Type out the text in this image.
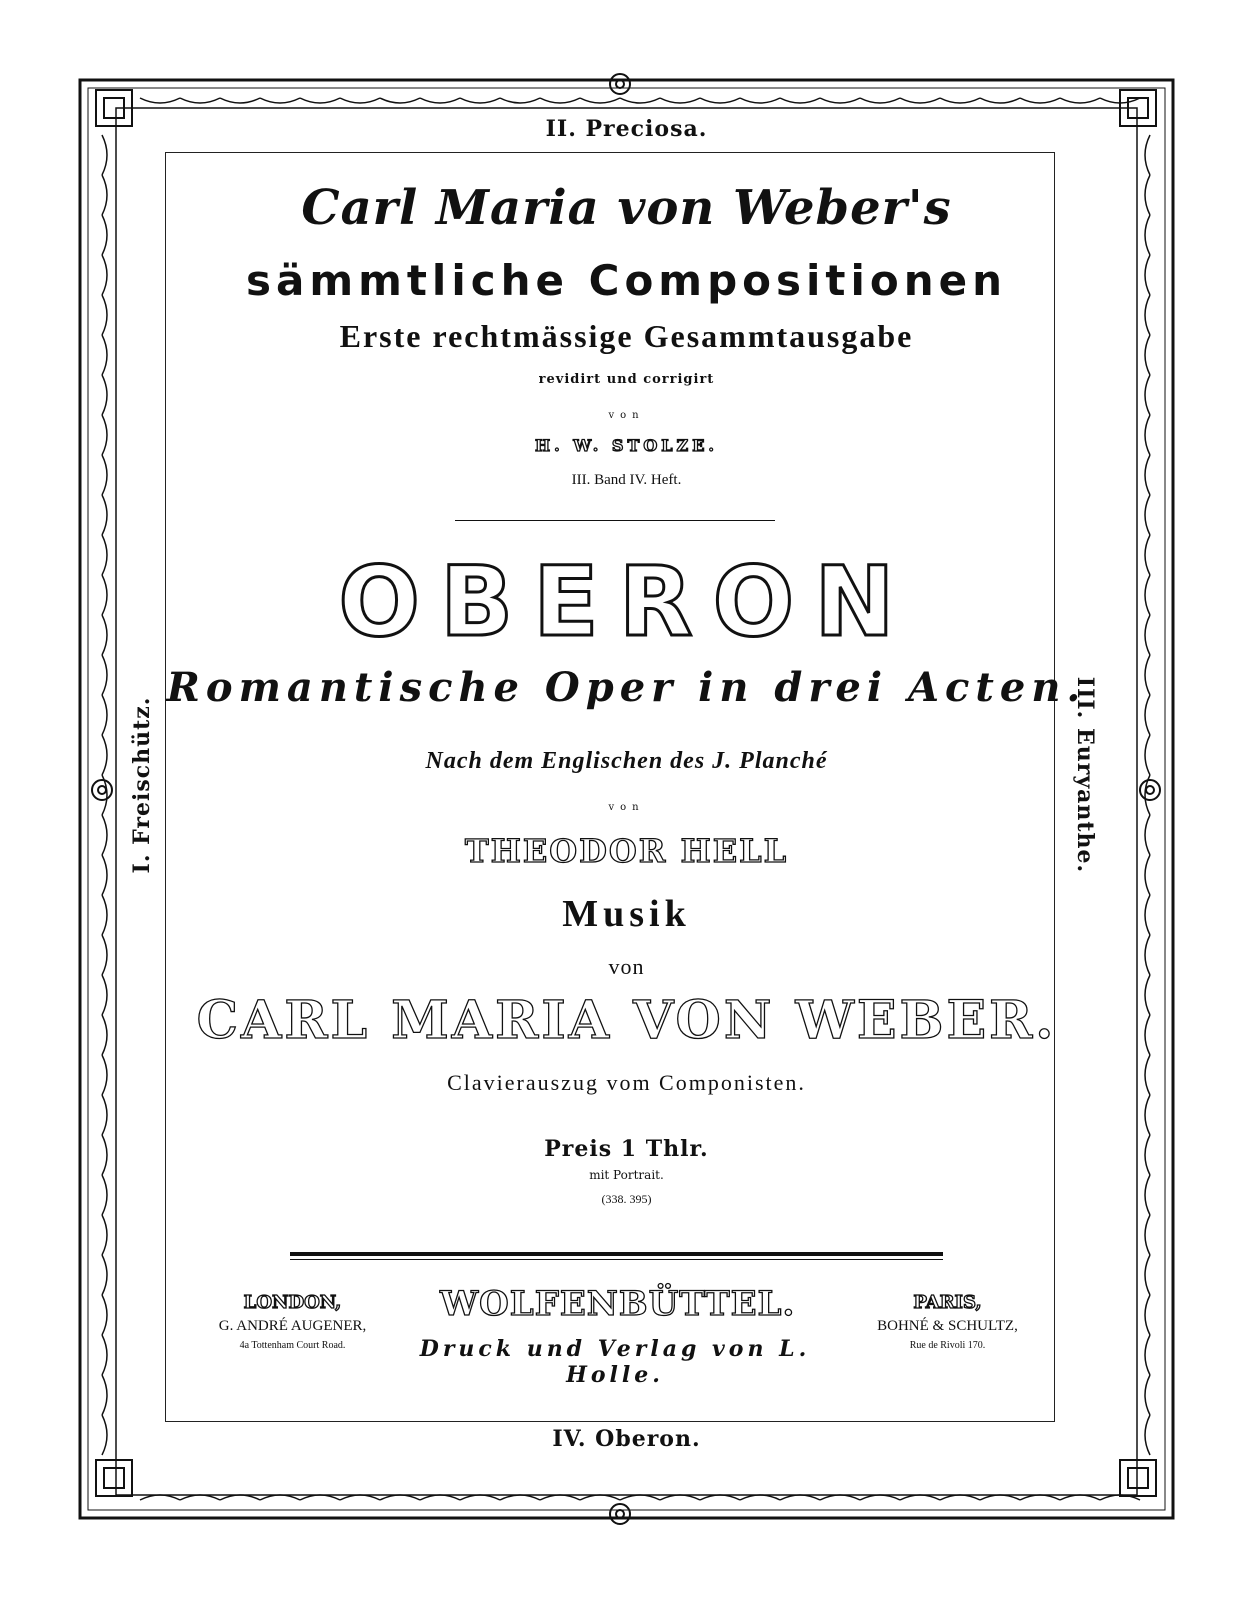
II. Preciosa.
IV. Oberon.
I. Freischütz.	III. Euryanthe.
Carl Maria von Weber's
sämmtliche Compositionen
Erste rechtmässige Gesammtausgabe
revidirt und corrigirt
von
H. W. STOLZE.
III. Band IV. Heft.
OBERON
Romantische Oper in drei Acten.
Nach dem Englischen des J. Planché
von
THEODOR HELL
Musik
von
CARL MARIA VON WEBER.
Clavierauszug vom Componisten.
Preis 1 Thlr.
mit Portrait.
(338. 395)
LONDON,
G. ANDRÉ AUGENER,
4a Tottenham Court Road.
WOLFENBÜTTEL.
Druck und Verlag von L. Holle.
PARIS,
BOHNÉ & SCHULTZ,
Rue de Rivoli 170.
